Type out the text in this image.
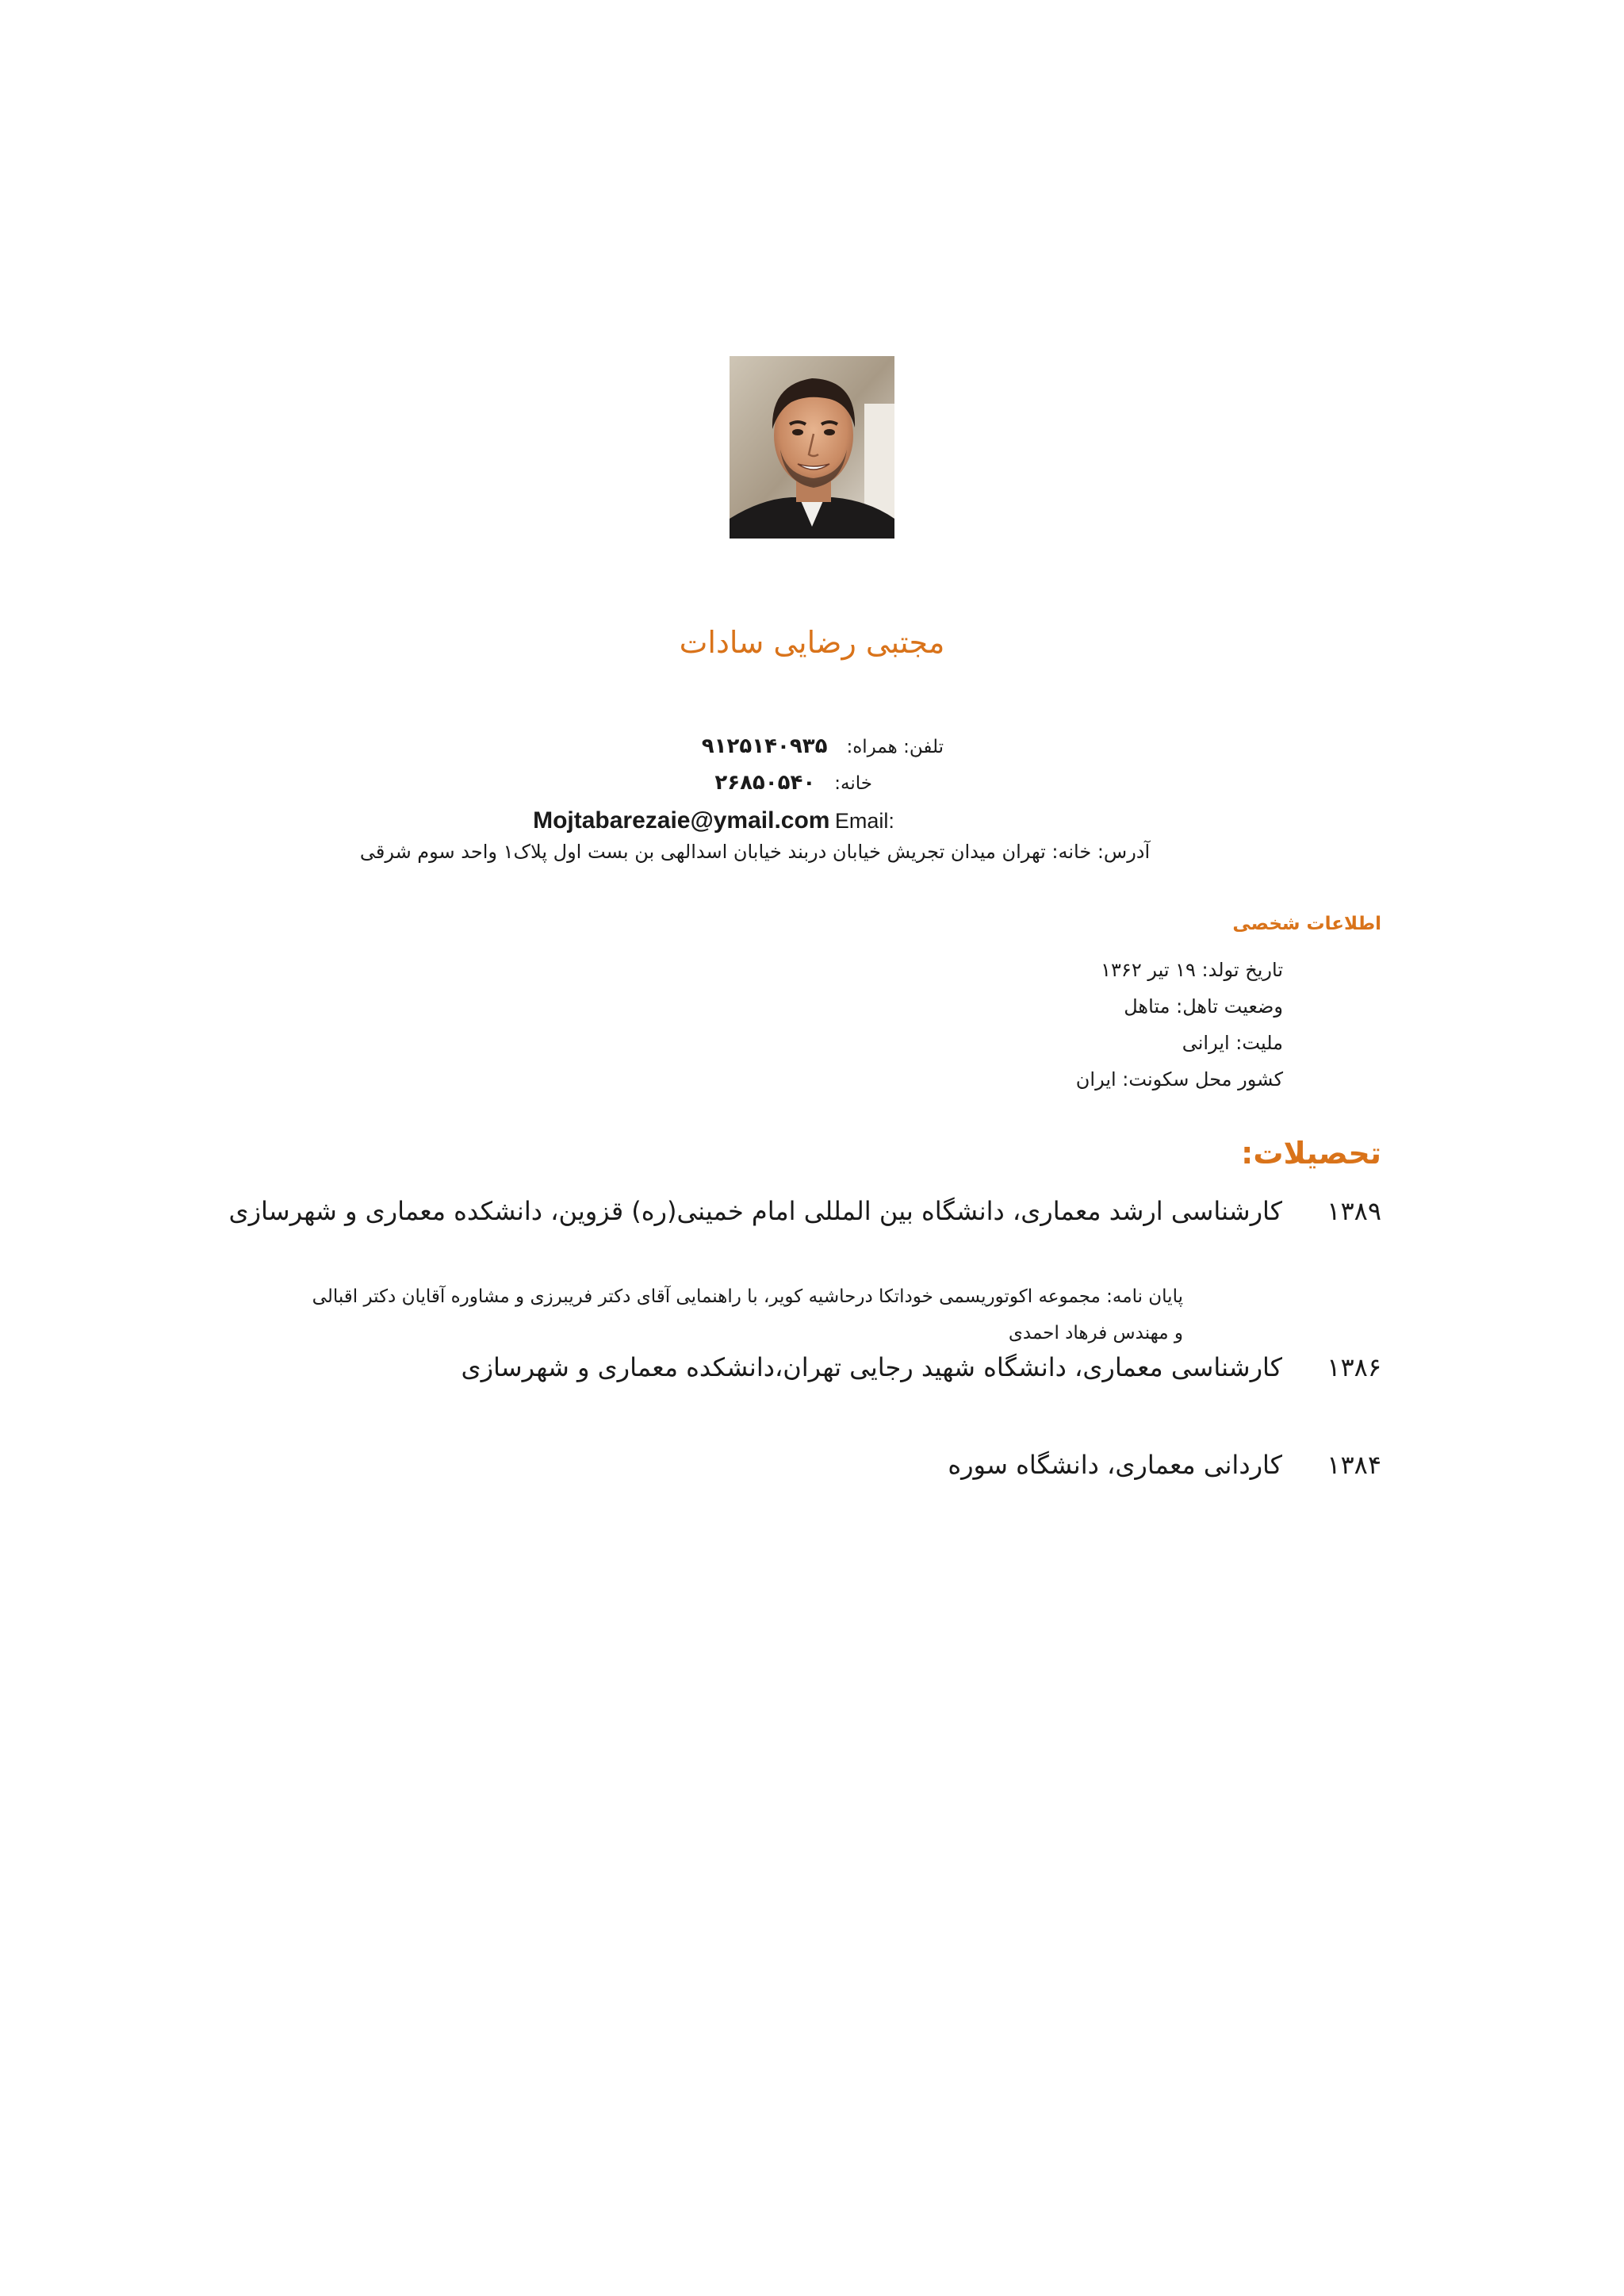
مجتبی رضایی سادات
تلفن: همراه:۹۱۲۵۱۴۰۹۳۵
خانه:۲۶۸۵۰۵۴۰
Mojtabarezaie@ymail.com Email:
آدرس: خانه: تهران میدان تجریش خیابان دربند خیابان اسدالهی بن بست اول پلاک۱ واحد سوم شرقی
اطلاعات شخصی
تاریخ تولد: ۱۹ تیر ۱۳۶۲
وضعیت تاهل: متاهل
ملیت: ایرانی
کشور محل سکونت: ایران
تحصیلات:
۱۳۸۹کارشناسی ارشد معماری، دانشگاه بین المللی امام خمینی(ره) قزوین، دانشکده معماری و شهرسازی
پایان نامه: مجموعه اکوتوریسمی خوداتکا درحاشیه کویر، با راهنمایی آقای دکتر فریبرزی و مشاوره آقایان دکتر اقبالی و مهندس فرهاد احمدی
۱۳۸۶کارشناسی معماری، دانشگاه شهید رجایی تهران،دانشکده معماری و شهرسازی
۱۳۸۴کاردانی معماری، دانشگاه سوره
